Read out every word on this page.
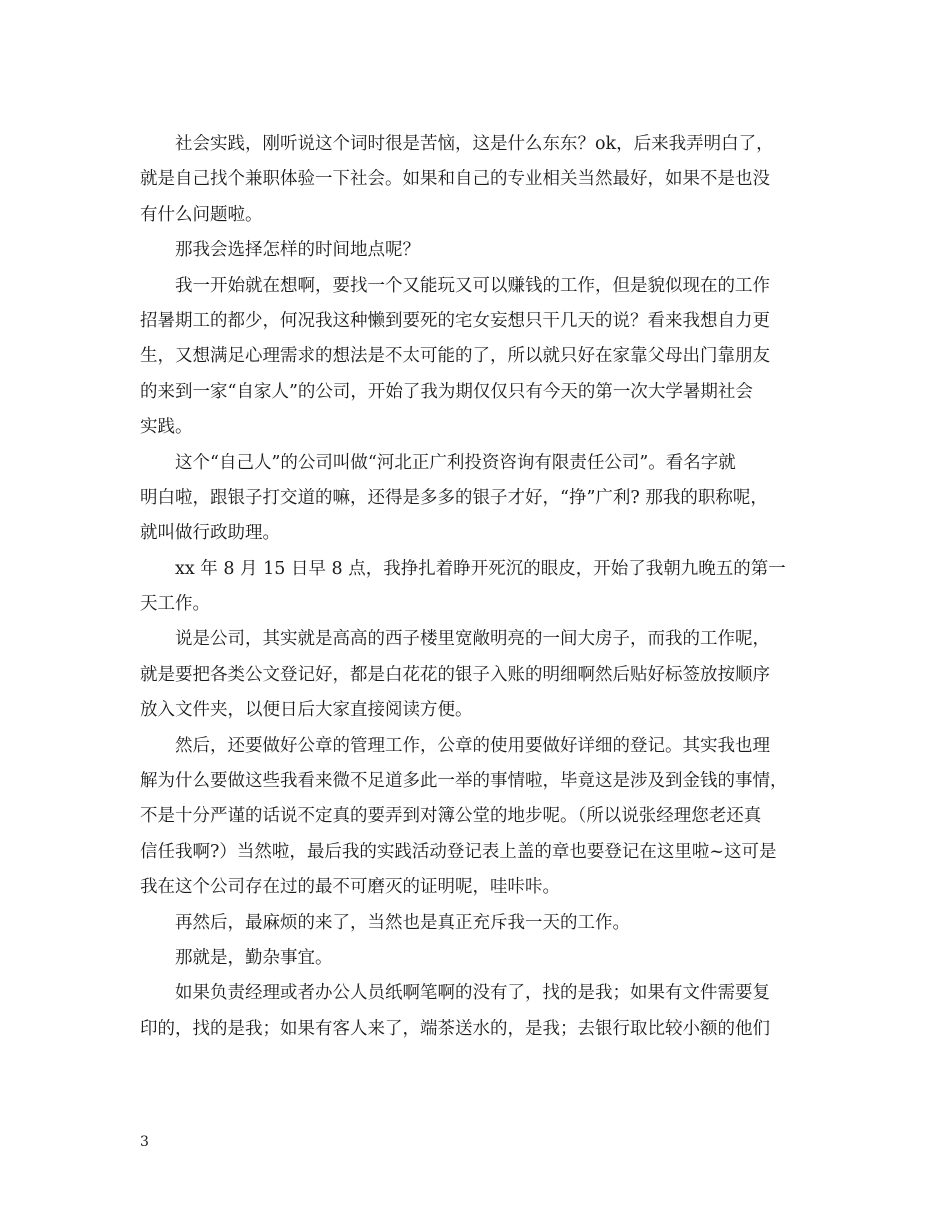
社会实践，刚听说这个词时很是苦恼，这是什么东东？ok，后来我弄明白了，
就是自己找个兼职体验一下社会。如果和自己的专业相关当然最好，如果不是也没
有什么问题啦。
那我会选择怎样的时间地点呢？
我一开始就在想啊，要找一个又能玩又可以赚钱的工作，但是貌似现在的工作
招暑期工的都少，何况我这种懒到要死的宅女妄想只干几天的说？看来我想自力更
生，又想满足心理需求的想法是不太可能的了，所以就只好在家靠父母出门靠朋友
的来到一家“自家人”的公司，开始了我为期仅仅只有今天的第一次大学暑期社会
实践。
这个“自己人”的公司叫做“河北正广利投资咨询有限责任公司”。看名字就
明白啦，跟银子打交道的嘛，还得是多多的银子才好，“挣”广利? 那我的职称呢，
就叫做行政助理。
xx 年 8 月 15 日早 8 点，我挣扎着睁开死沉的眼皮，开始了我朝九晚五的第一
天工作。
说是公司，其实就是高高的西子楼里宽敞明亮的一间大房子，而我的工作呢，
就是要把各类公文登记好，都是白花花的银子入账的明细啊然后贴好标签放按顺序
放入文件夹，以便日后大家直接阅读方便。
然后，还要做好公章的管理工作，公章的使用要做好详细的登记。其实我也理
解为什么要做这些我看来微不足道多此一举的事情啦，毕竟这是涉及到金钱的事情，
不是十分严谨的话说不定真的要弄到对簿公堂的地步呢。（所以说张经理您老还真
信任我啊?）当然啦，最后我的实践活动登记表上盖的章也要登记在这里啦~这可是
我在这个公司存在过的最不可磨灭的证明呢，哇咔咔。
再然后，最麻烦的来了，当然也是真正充斥我一天的工作。
那就是，勤杂事宜。
如果负责经理或者办公人员纸啊笔啊的没有了，找的是我；如果有文件需要复
印的，找的是我；如果有客人来了，端茶送水的，是我；去银行取比较小额的他们
3
